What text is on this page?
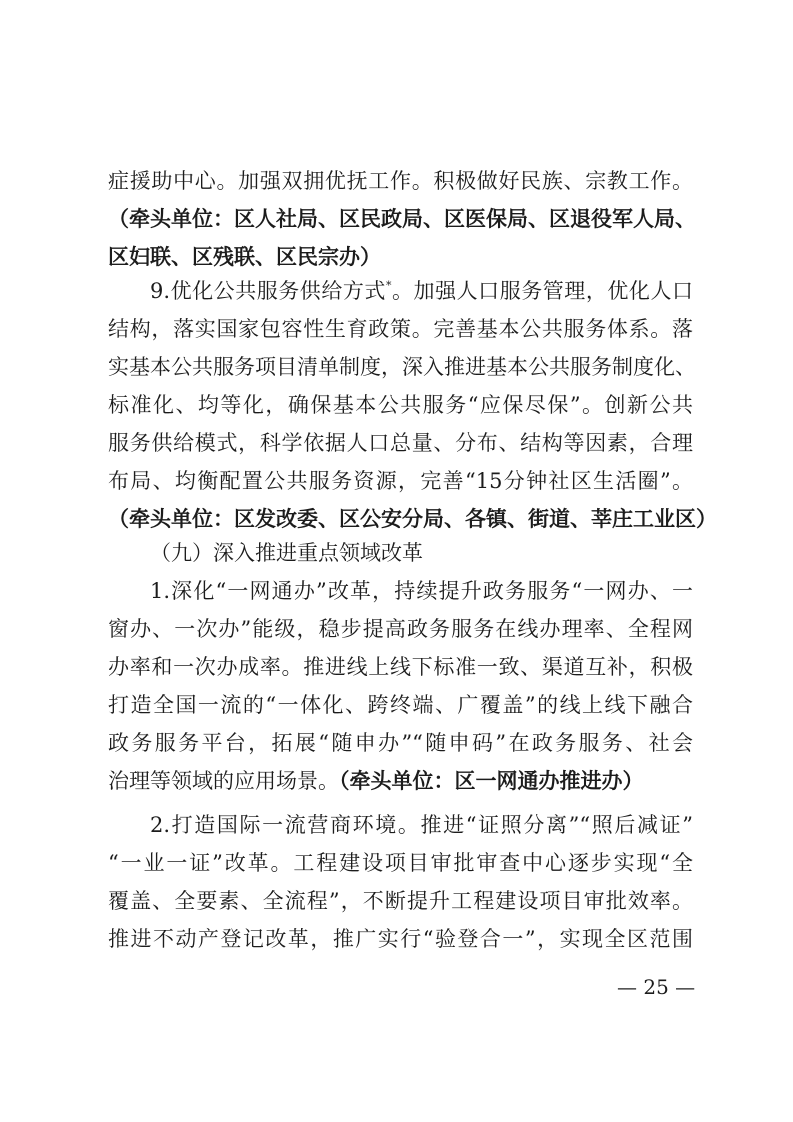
症援助中心。加强双拥优抚工作。积极做好民族、宗教工作。
（牵头单位：区人社局、区民政局、区医保局、区退役军人局、
区妇联、区残联、区民宗办）
9.优化公共服务供给方式*。加强人口服务管理，优化人口
结构，落实国家包容性生育政策。完善基本公共服务体系。落
实基本公共服务项目清单制度，深入推进基本公共服务制度化、
标准化、均等化，确保基本公共服务“应保尽保”。创新公共
服务供给模式，科学依据人口总量、分布、结构等因素，合理
布局、均衡配置公共服务资源，完善“15分钟社区生活圈”。
（牵头单位：区发改委、区公安分局、各镇、街道、莘庄工业区）
（九）深入推进重点领域改革
1.深化“一网通办”改革，持续提升政务服务“一网办、一
窗办、一次办”能级，稳步提高政务服务在线办理率、全程网
办率和一次办成率。推进线上线下标准一致、渠道互补，积极
打造全国一流的“一体化、跨终端、广覆盖”的线上线下融合
政务服务平台，拓展“随申办”“随申码”在政务服务、社会
治理等领域的应用场景。（牵头单位：区一网通办推进办）
2.打造国际一流营商环境。推进“证照分离”“照后减证”
“一业一证”改革。工程建设项目审批审查中心逐步实现“全
覆盖、全要素、全流程”，不断提升工程建设项目审批效率。
推进不动产登记改革，推广实行“验登合一”，实现全区范围
— 25 —
